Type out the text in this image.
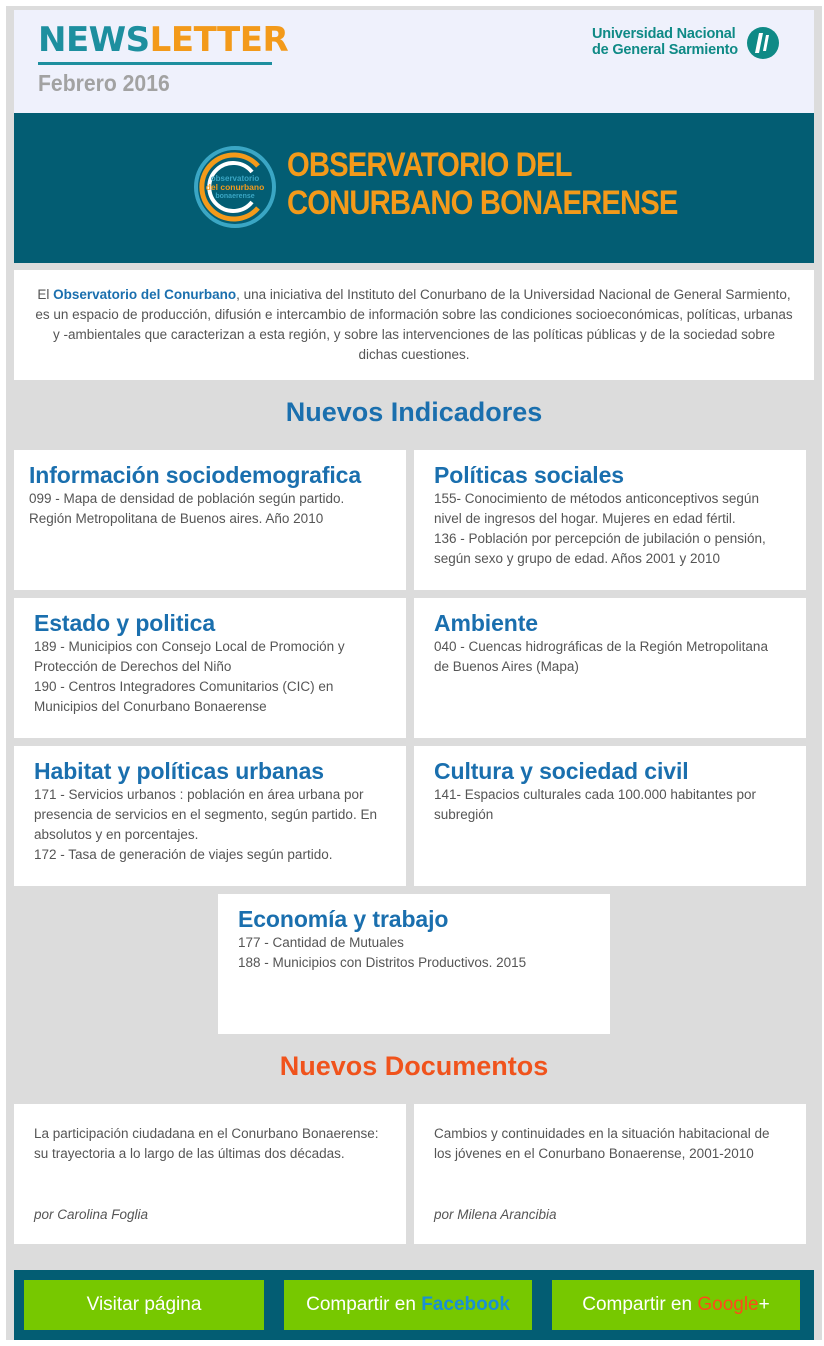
NEWSLETTER
Febrero 2016
Universidad Nacional
de General Sarmiento
observatorio
del conurbano
bonaerense
OBSERVATORIO DEL
CONURBANO BONAERENSE
El Observatorio del Conurbano, una iniciativa del Instituto del Conurbano de la Universidad Nacional de General Sarmiento, es un espacio de producción, difusión e intercambio de información sobre las condiciones socioeconómicas, políticas, urbanas y -ambientales que caracterizan a esta región, y sobre las intervenciones de las políticas públicas y de la sociedad sobre dichas cuestiones.
Nuevos Indicadores
Información sociodemografica
099 - Mapa de densidad de población según partido. Región Metropolitana de Buenos aires. Año 2010
Políticas sociales
155- Conocimiento de métodos anticonceptivos según nivel de ingresos del hogar. Mujeres en edad fértil.
136 - Población por percepción de jubilación o pensión, según sexo y grupo de edad. Años 2001 y 2010
Estado y politica
189 - Municipios con Consejo Local de Promoción y Protección de Derechos del Niño
190 - Centros Integradores Comunitarios (CIC) en Municipios del Conurbano Bonaerense
Ambiente
040 - Cuencas hidrográficas de la Región Metropolitana de Buenos Aires (Mapa)
Habitat y políticas urbanas
171 - Servicios urbanos : población en área urbana por presencia de servicios en el segmento, según partido. En absolutos y en porcentajes.
172 - Tasa de generación de viajes según partido.
Cultura y sociedad civil
141- Espacios culturales cada 100.000 habitantes por subregión
Economía y trabajo
177 - Cantidad de Mutuales
188 - Municipios con Distritos Productivos. 2015
Nuevos Documentos
La participación ciudadana en el Conurbano Bonaerense: su trayectoria a lo largo de las últimas dos décadas.
por Carolina Foglia
Cambios y continuidades en la situación habitacional de los jóvenes en el Conurbano Bonaerense, 2001-2010
por Milena Arancibia
Visitar página	Compartir en Facebook	Compartir en Google +
